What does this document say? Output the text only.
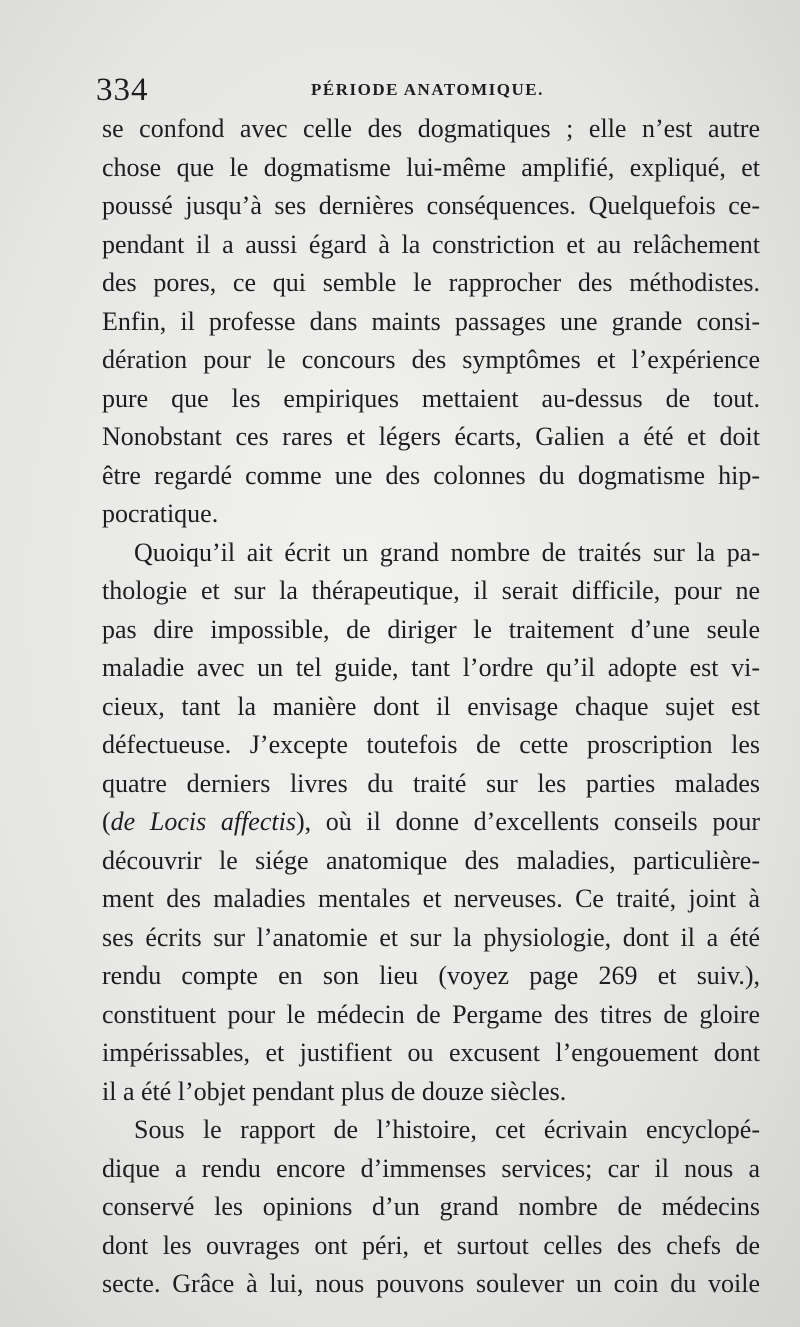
334	PÉRIODE ANATOMIQUE.

se confond avec celle des dogmatiques ; elle n’est autre
chose que le dogmatisme lui-même amplifié, expliqué, et
poussé jusqu’à ses dernières conséquences. Quelquefois ce-
pendant il a aussi égard à la constriction et au relâchement
des pores, ce qui semble le rapprocher des méthodistes.
Enfin, il professe dans maints passages une grande consi-
dération pour le concours des symptômes et l’expérience
pure que les empiriques mettaient au-dessus de tout.
Nonobstant ces rares et légers écarts, Galien a été et doit
être regardé comme une des colonnes du dogmatisme hip-
pocratique.

Quoiqu’il ait écrit un grand nombre de traités sur la pa-
thologie et sur la thérapeutique, il serait difficile, pour ne
pas dire impossible, de diriger le traitement d’une seule
maladie avec un tel guide, tant l’ordre qu’il adopte est vi-
cieux, tant la manière dont il envisage chaque sujet est
défectueuse. J’excepte toutefois de cette proscription les
quatre derniers livres du traité sur les parties malades
(de Locis affectis), où il donne d’excellents conseils pour
découvrir le siége anatomique des maladies, particulière-
ment des maladies mentales et nerveuses. Ce traité, joint à
ses écrits sur l’anatomie et sur la physiologie, dont il a été
rendu compte en son lieu (voyez page 269 et suiv.),
constituent pour le médecin de Pergame des titres de gloire
impérissables, et justifient ou excusent l’engouement dont
il a été l’objet pendant plus de douze siècles.

Sous le rapport de l’histoire, cet écrivain encyclopé-
dique a rendu encore d’immenses services; car il nous a
conservé les opinions d’un grand nombre de médecins
dont les ouvrages ont péri, et surtout celles des chefs de
secte. Grâce à lui, nous pouvons soulever un coin du voile
